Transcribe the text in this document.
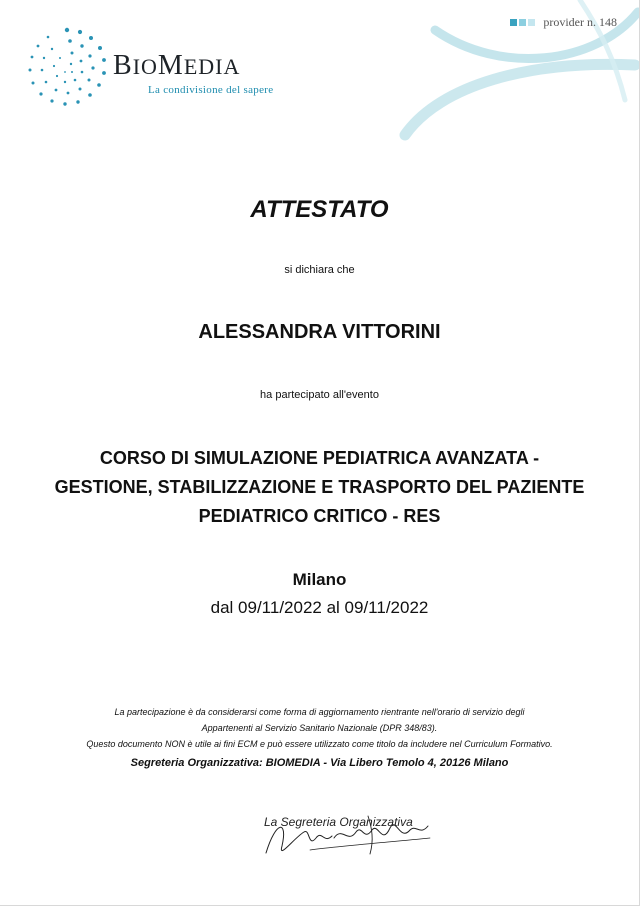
provider n. 148
BIOMEDIA
La condivisione del sapere
ATTESTATO
si dichiara che
ALESSANDRA VITTORINI
ha partecipato all'evento
CORSO DI SIMULAZIONE PEDIATRICA AVANZATA -
GESTIONE, STABILIZZAZIONE E TRASPORTO DEL PAZIENTE
PEDIATRICO CRITICO - RES
Milano
dal 09/11/2022 al 09/11/2022
La partecipazione è da considerarsi come forma di aggiornamento rientrante nell'orario di servizio degli
Appartenenti al Servizio Sanitario Nazionale (DPR 348/83).
Questo documento NON è utile ai fini ECM e può essere utilizzato come titolo da includere nel Curriculum Formativo.
Segreteria Organizzativa: BIOMEDIA - Via Libero Temolo 4, 20126 Milano
La Segreteria Organizzativa
